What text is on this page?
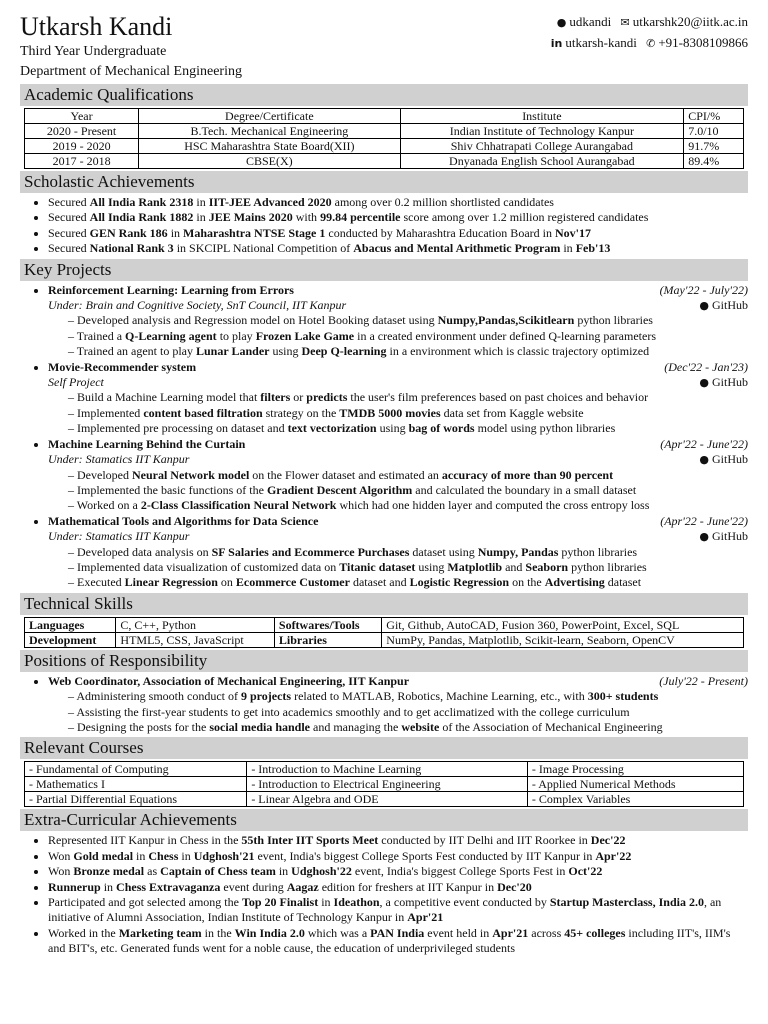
● udkandi ✉ utkarshk20@iitk.ac.in
in utkarsh-kandi ✆ +91-8308109866
Utkarsh Kandi
Third Year Undergraduate
Department of Mechanical Engineering
Academic Qualifications
Year	Degree/Certificate	Institute	CPI/%
2020 - Present	B.Tech. Mechanical Engineering	Indian Institute of Technology Kanpur	7.0/10
2019 - 2020	HSC Maharashtra State Board(XII)	Shiv Chhatrapati College Aurangabad	91.7%
2017 - 2018	CBSE(X)	Dnyanada English School Aurangabad	89.4%
Scholastic Achievements
• Secured All India Rank 2318 in IIT-JEE Advanced 2020 among over 0.2 million shortlisted candidates
• Secured All India Rank 1882 in JEE Mains 2020 with 99.84 percentile score among over 1.2 million registered candidates
• Secured GEN Rank 186 in Maharashtra NTSE Stage 1 conducted by Maharashtra Education Board in Nov'17
• Secured National Rank 3 in SKCIPL National Competition of Abacus and Mental Arithmetic Program in Feb'13
Key Projects
• Reinforcement Learning: Learning from Errors	(May'22 - July'22)
Under: Brain and Cognitive Society, SnT Council, IIT Kanpur	● GitHub
– Developed analysis and Regression model on Hotel Booking dataset using Numpy,Pandas,Scikitlearn python libraries
– Trained a Q-Learning agent to play Frozen Lake Game in a created environment under defined Q-learning parameters
– Trained an agent to play Lunar Lander using Deep Q-learning in a environment which is classic trajectory optimized
• Movie-Recommender system	(Dec'22 - Jan'23)
Self Project	● GitHub
– Build a Machine Learning model that filters or predicts the user's film preferences based on past choices and behavior
– Implemented content based filtration strategy on the TMDB 5000 movies data set from Kaggle website
– Implemented pre processing on dataset and text vectorization using bag of words model using python libraries
• Machine Learning Behind the Curtain	(Apr'22 - June'22)
Under: Stamatics IIT Kanpur	● GitHub
– Developed Neural Network model on the Flower dataset and estimated an accuracy of more than 90 percent
– Implemented the basic functions of the Gradient Descent Algorithm and calculated the boundary in a small dataset
– Worked on a 2-Class Classification Neural Network which had one hidden layer and computed the cross entropy loss
• Mathematical Tools and Algorithms for Data Science	(Apr'22 - June'22)
Under: Stamatics IIT Kanpur	● GitHub
– Developed data analysis on SF Salaries and Ecommerce Purchases dataset using Numpy, Pandas python libraries
– Implemented data visualization of customized data on Titanic dataset using Matplotlib and Seaborn python libraries
– Executed Linear Regression on Ecommerce Customer dataset and Logistic Regression on the Advertising dataset
Technical Skills
Languages	C, C++, Python	Softwares/Tools	Git, Github, AutoCAD, Fusion 360, PowerPoint, Excel, SQL
Development	HTML5, CSS, JavaScript	Libraries	NumPy, Pandas, Matplotlib, Scikit-learn, Seaborn, OpenCV
Positions of Responsibility
• Web Coordinator, Association of Mechanical Engineering, IIT Kanpur	(July'22 - Present)
– Administering smooth conduct of 9 projects related to MATLAB, Robotics, Machine Learning, etc., with 300+ students
– Assisting the first-year students to get into academics smoothly and to get acclimatized with the college curriculum
– Designing the posts for the social media handle and managing the website of the Association of Mechanical Engineering
Relevant Courses
- Fundamental of Computing	- Introduction to Machine Learning	- Image Processing
- Mathematics I	- Introduction to Electrical Engineering	- Applied Numerical Methods
- Partial Differential Equations	- Linear Algebra and ODE	- Complex Variables
Extra-Curricular Achievements
• Represented IIT Kanpur in Chess in the 55th Inter IIT Sports Meet conducted by IIT Delhi and IIT Roorkee in Dec'22
• Won Gold medal in Chess in Udghosh'21 event, India's biggest College Sports Fest conducted by IIT Kanpur in Apr'22
• Won Bronze medal as Captain of Chess team in Udghosh'22 event, India's biggest College Sports Fest in Oct'22
• Runnerup in Chess Extravaganza event during Aagaz edition for freshers at IIT Kanpur in Dec'20
• Participated and got selected among the Top 20 Finalist in Ideathon, a competitive event conducted by Startup Masterclass, India 2.0, an initiative of Alumni Association, Indian Institute of Technology Kanpur in Apr'21
• Worked in the Marketing team in the Win India 2.0 which was a PAN India event held in Apr'21 across 45+ colleges including IIT's, IIM's and BIT's, etc. Generated funds went for a noble cause, the education of underprivileged students
